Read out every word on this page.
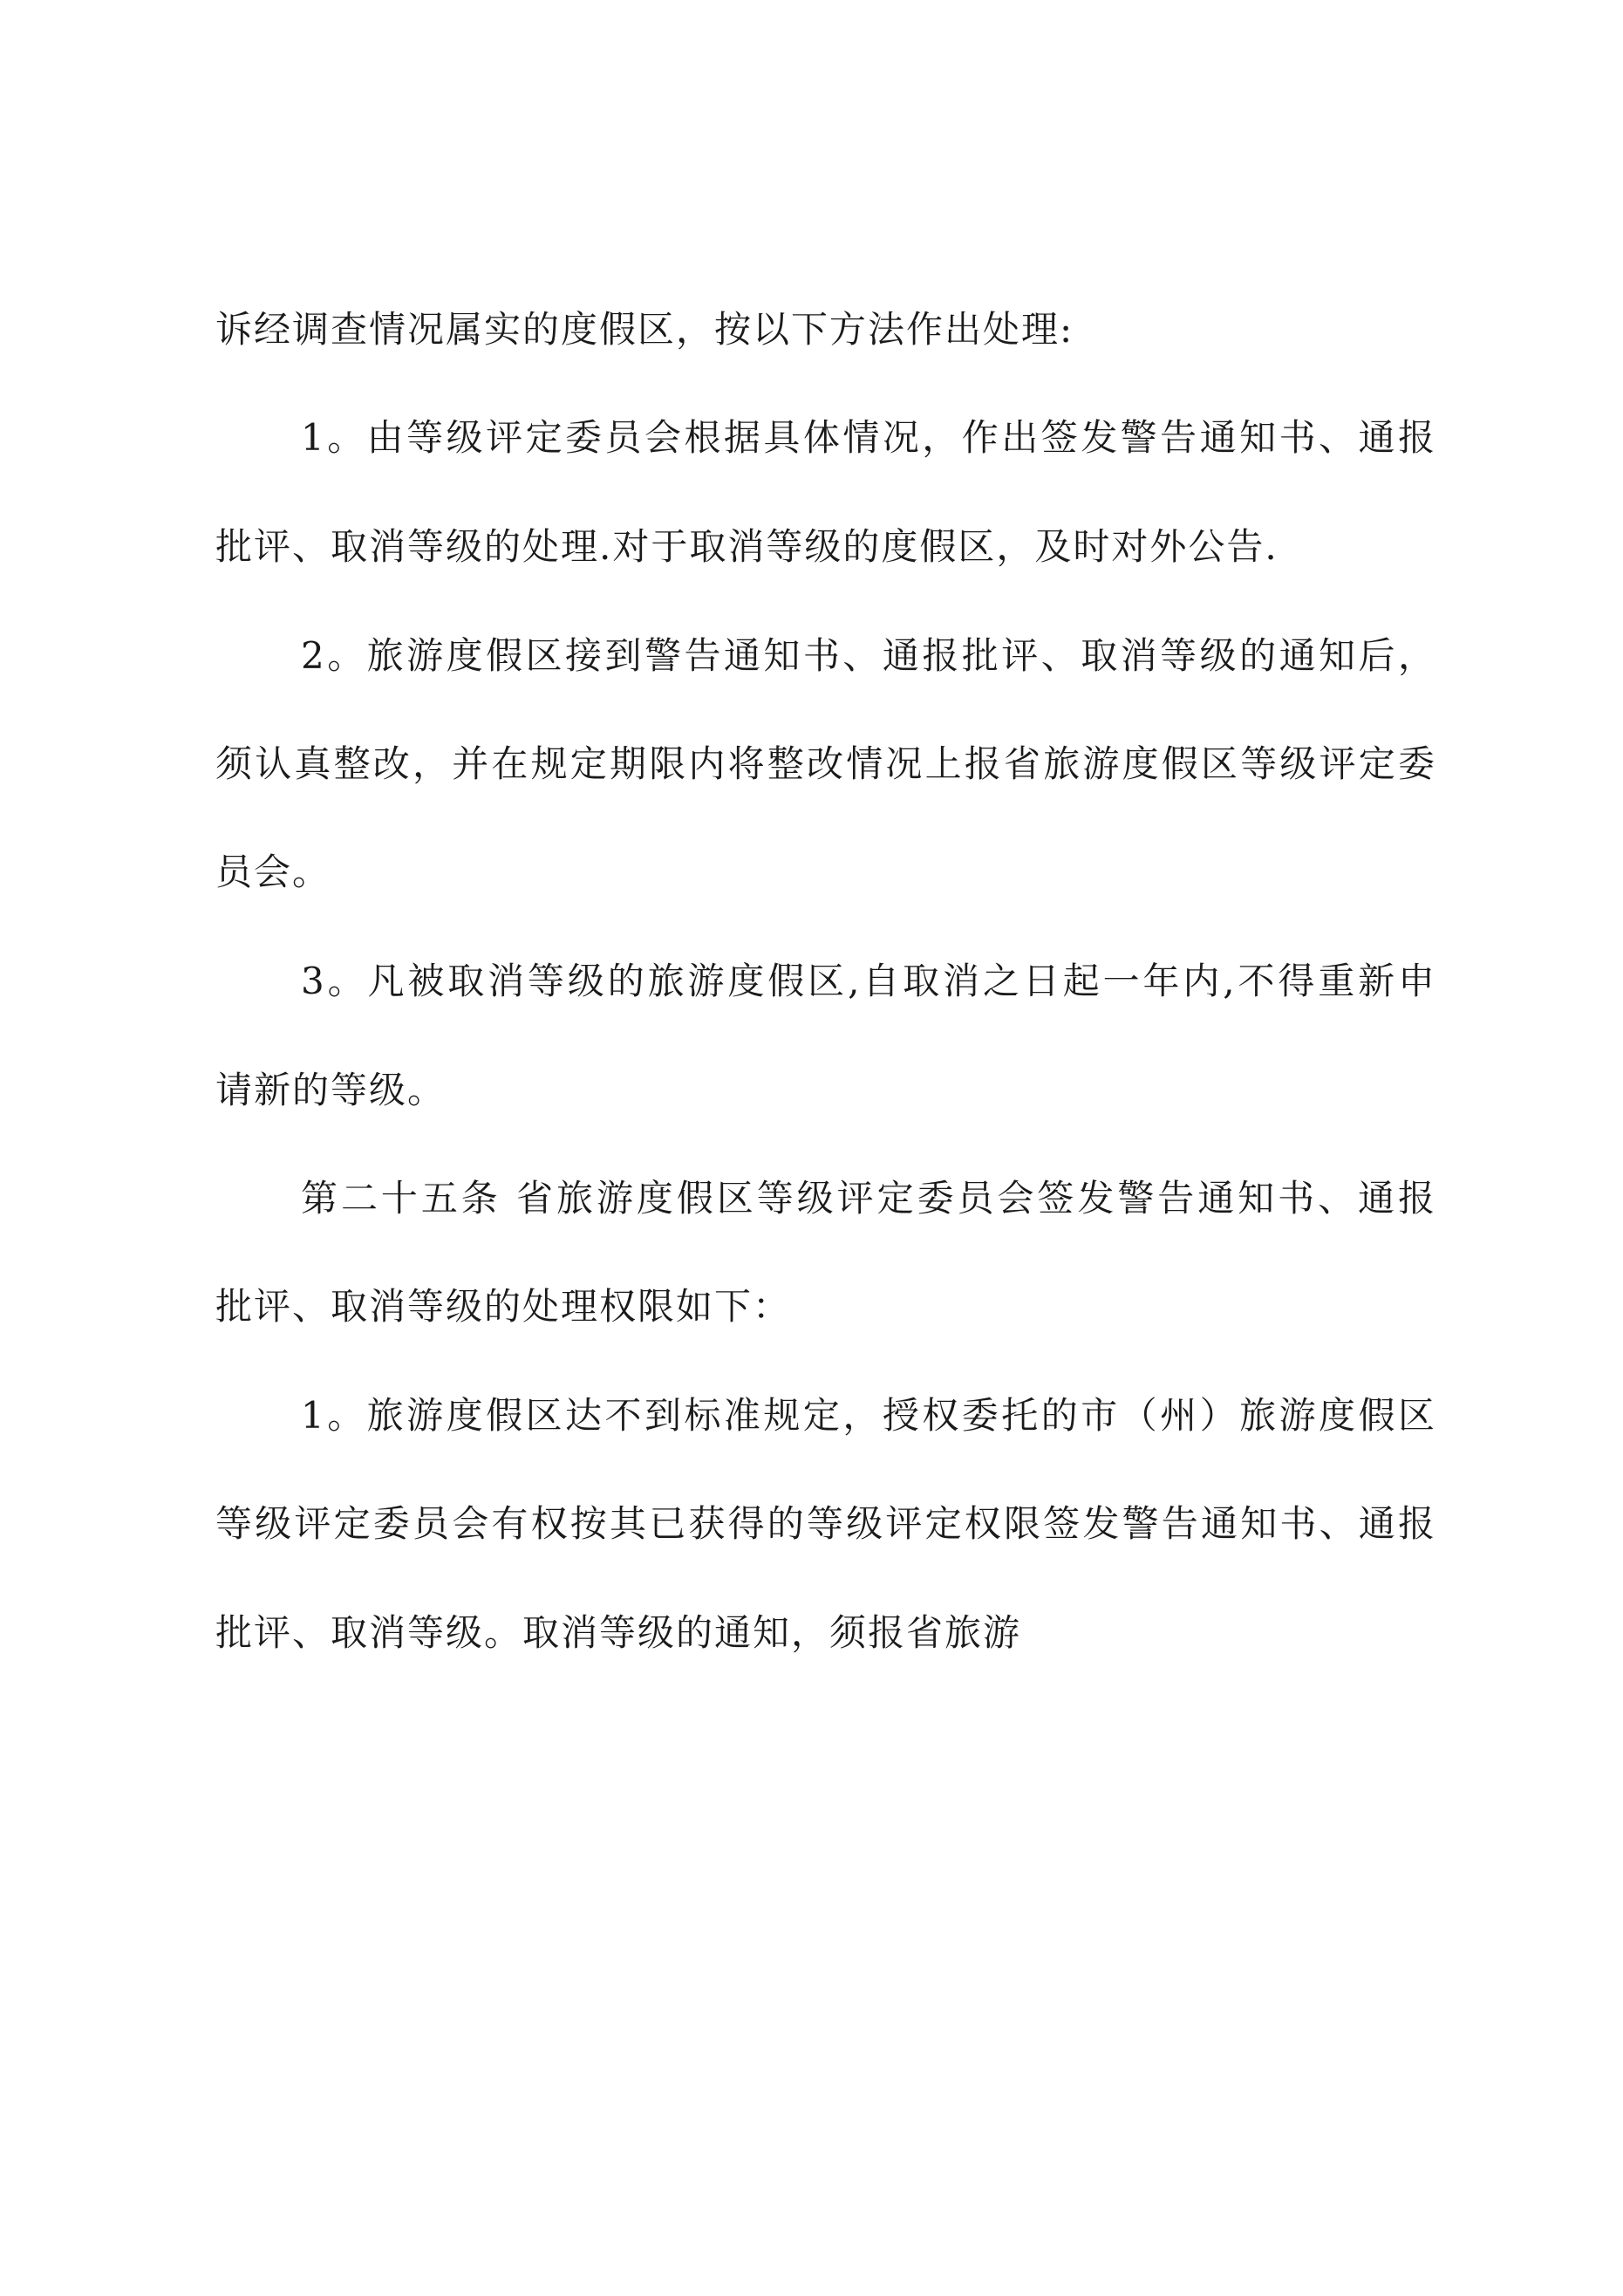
诉经调查情况属实的度假区，按以下方法作出处理:
1。由等级评定委员会根据具体情况，作出签发警告通知书、通报
批评、取消等级的处理.对于取消等级的度假区，及时对外公告.
2。旅游度假区接到警告通知书、通报批评、取消等级的通知后，
须认真整改，并在规定期限内将整改情况上报省旅游度假区等级评定委
员会。
3。凡被取消等级的旅游度假区,自取消之日起一年内,不得重新申
请新的等级。
第二十五条 省旅游度假区等级评定委员会签发警告通知书、通报
批评、取消等级的处理权限如下：
1。旅游度假区达不到标准规定，授权委托的市（州）旅游度假区
等级评定委员会有权按其已获得的等级评定权限签发警告通知书、通报
批评、取消等级。取消等级的通知，须报省旅游
